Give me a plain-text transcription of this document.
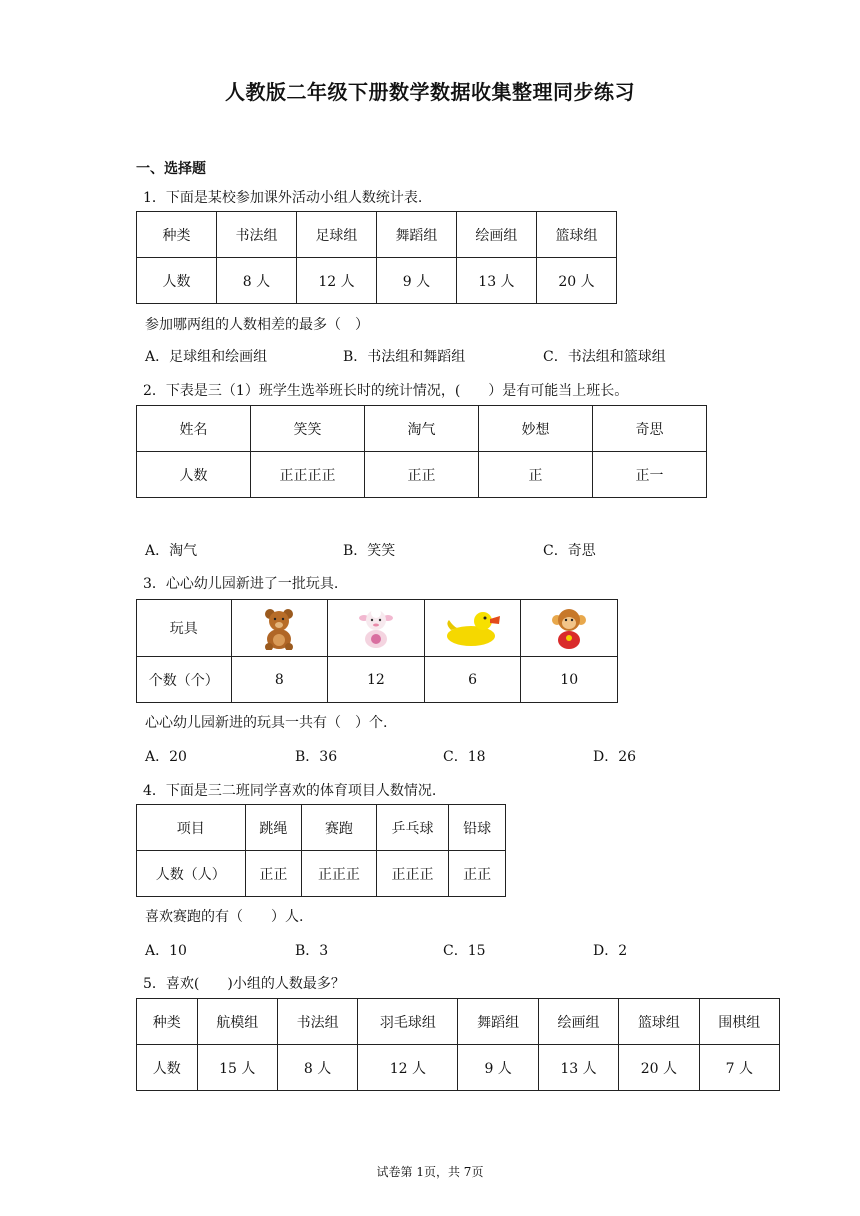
人教版二年级下册数学数据收集整理同步练习
一、选择题
1．下面是某校参加课外活动小组人数统计表.
种类	书法组	足球组	舞蹈组	绘画组	篮球组
人数	8 人	12 人	9 人	13 人	20 人
参加哪两组的人数相差的最多（　）
A．足球组和绘画组	B．书法组和舞蹈组	C．书法组和篮球组
2．下表是三（1）班学生选举班长时的统计情况，(　　）是有可能当上班长。
姓名	笑笑	淘气	妙想	奇思
人数	正正正正	正正	正	正一
A．淘气	B．笑笑	C．奇思
3．心心幼儿园新进了一批玩具.
玩具	

个数（个）	8	12	6	10
心心幼儿园新进的玩具一共有（　）个.
A．20	B．36	C．18	D．26
4．下面是三二班同学喜欢的体育项目人数情况.
项目	跳绳	赛跑	乒乓球	铅球
人数（人）	正正	正正正	正正正	正正
喜欢赛跑的有（　　）人.
A．10	B．3	C．15	D．2
5．喜欢(　　)小组的人数最多？
种类	航模组	书法组	羽毛球组	舞蹈组	绘画组	篮球组	围棋组
人数	15 人	8 人	12 人	9 人	13 人	20 人	7 人
试卷第 1页，共 7页
